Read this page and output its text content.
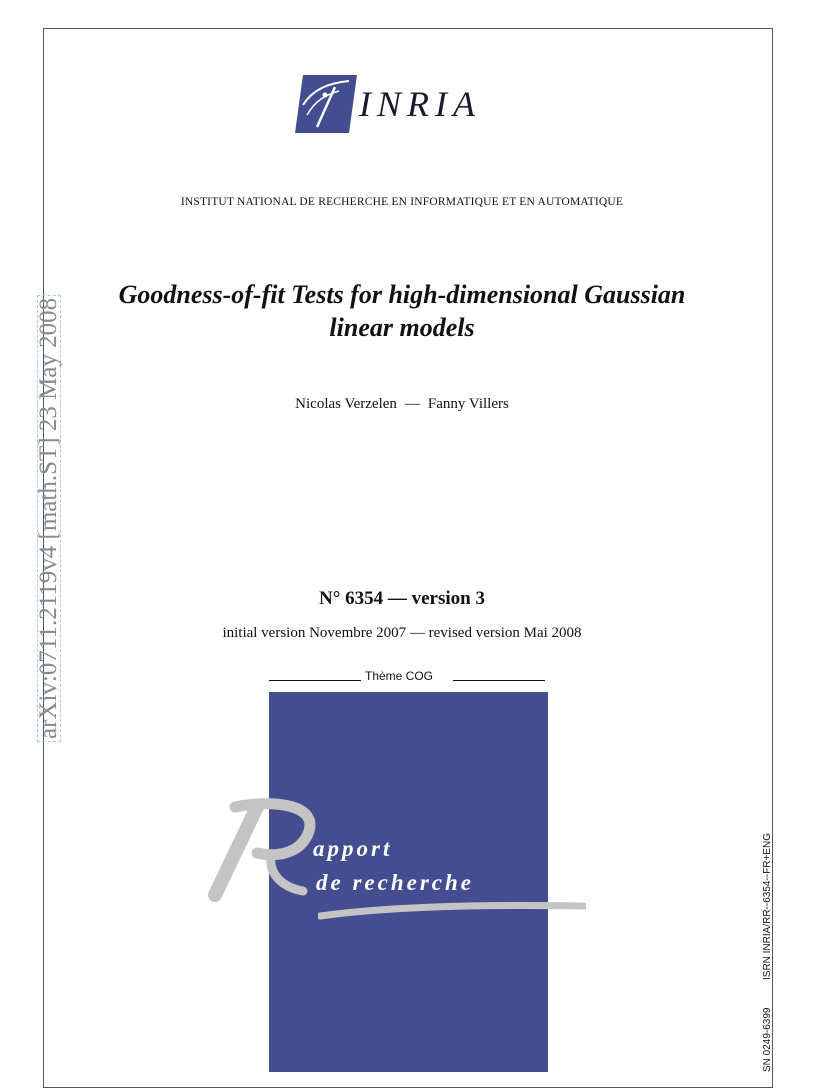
INRIA
INSTITUT NATIONAL DE RECHERCHE EN INFORMATIQUE ET EN AUTOMATIQUE
Goodness-of-fit Tests for high-dimensional Gaussian
linear models
Nicolas Verzelen — Fanny Villers
N° 6354 — version 3
initial version Novembre 2007 — revised version Mai 2008
Thème COG
apport
de recherche
arXiv:0711.2119v4 [math.ST] 23 May 2008
ISRN INRIA/RR--6354--FR+ENG
SN 0249-6399
